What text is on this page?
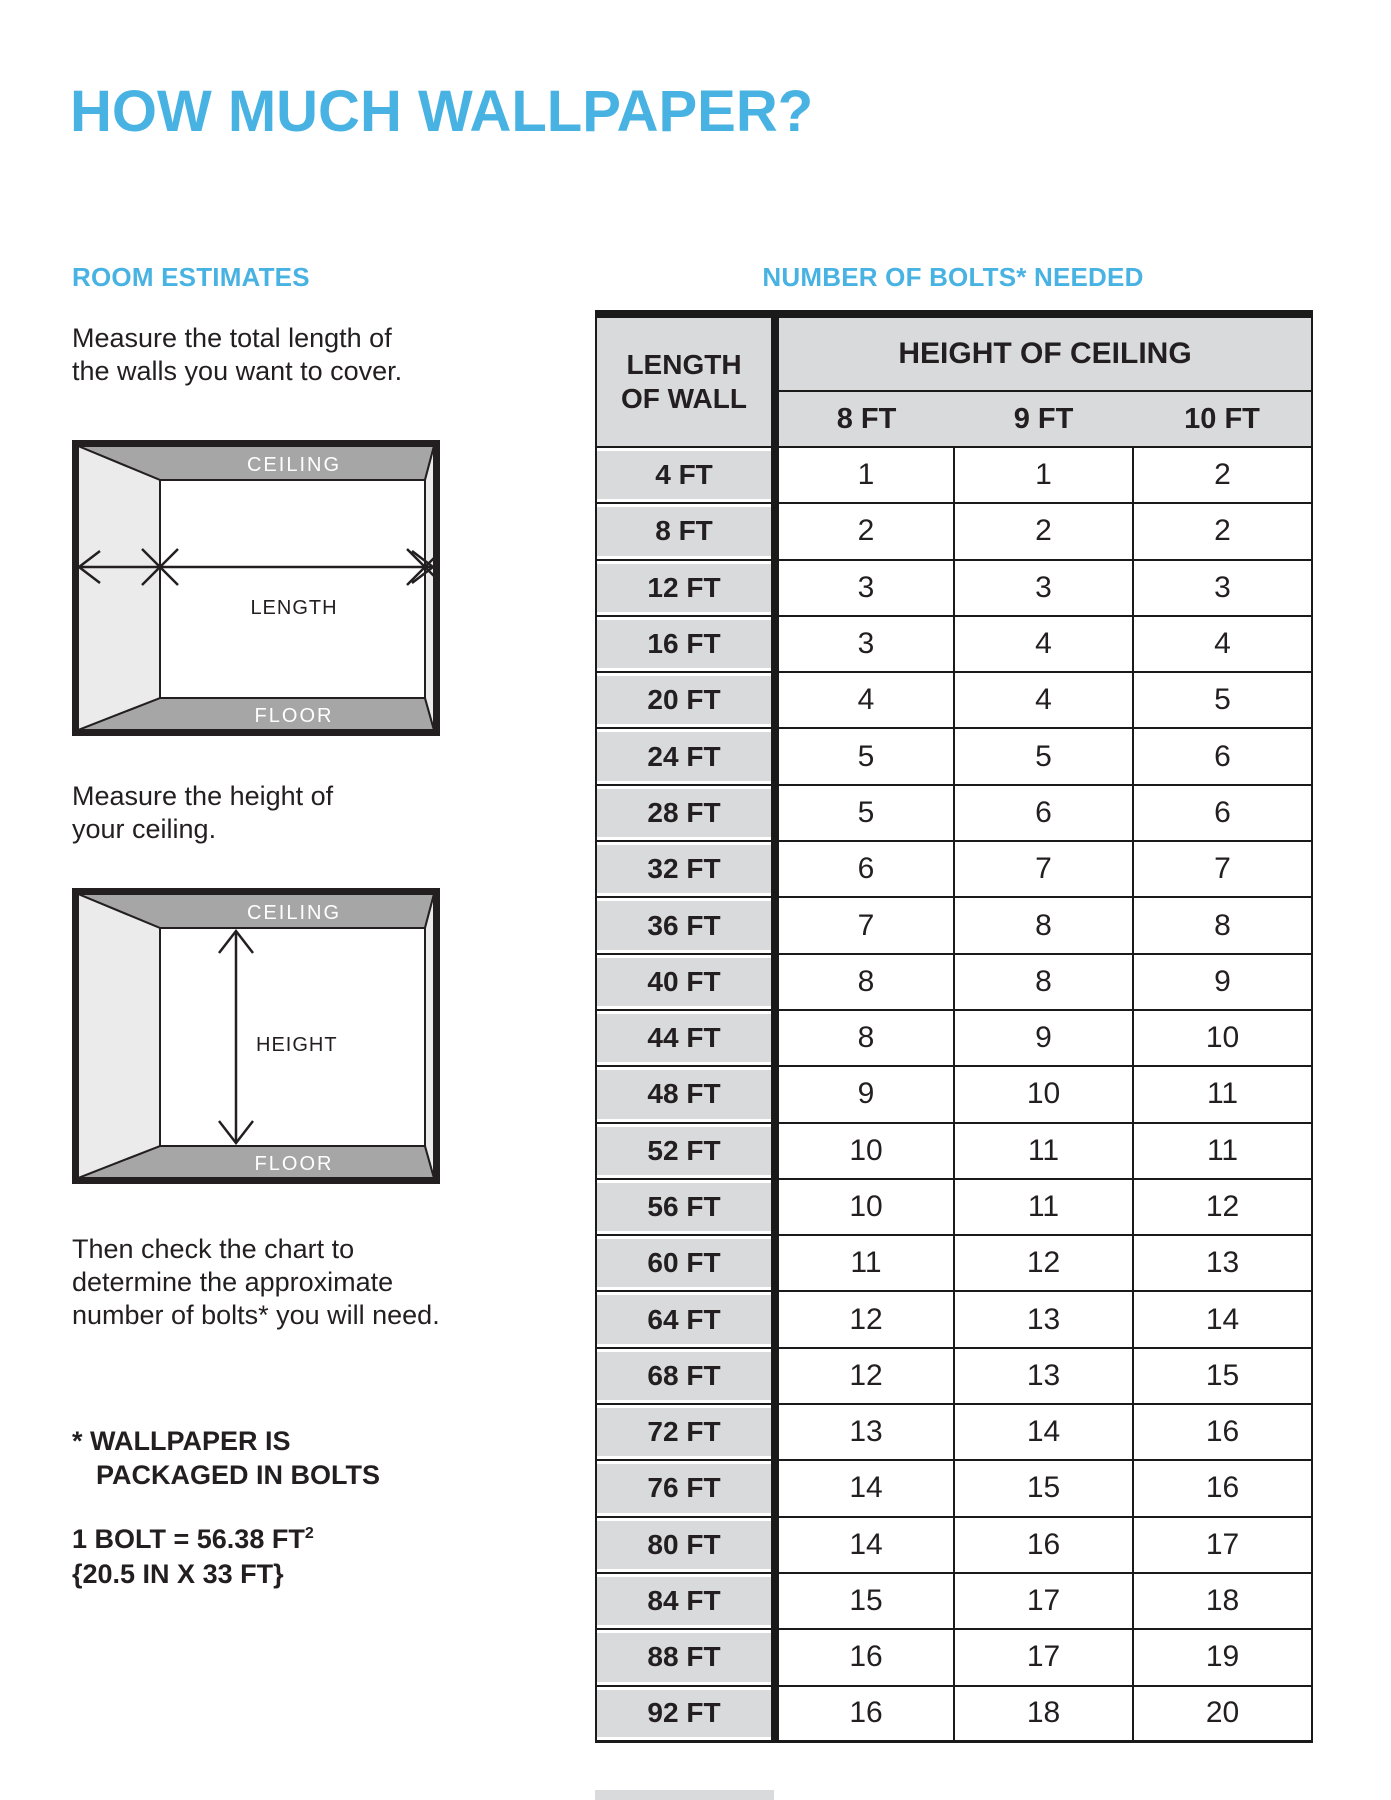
HOW MUCH WALLPAPER?
ROOM ESTIMATES	NUMBER OF BOLTS* NEEDED
Measure the total length of
the walls you want to cover.
CEILING
FLOOR
LENGTH
Measure the height of
your ceiling.
CEILING
FLOOR
HEIGHT
Then check the chart to
determine the approximate
number of bolts* you will need.
* WALLPAPER IS
PACKAGED IN BOLTS
1 BOLT = 56.38 $FT^2$
{20.5 IN X 33 FT}
LENGTH
OF WALL	HEIGHT OF CEILING		
	8 FT	9 FT	10 FT
4 FT	1	1	2
8 FT	2	2	2
12 FT	3	3	3
16 FT	3	4	4
20 FT	4	4	5
24 FT	5	5	6
28 FT	5	6	6
32 FT	6	7	7
36 FT	7	8	8
40 FT	8	8	9
44 FT	8	9	10
48 FT	9	10	11
52 FT	10	11	11
56 FT	10	11	12
60 FT	11	12	13
64 FT	12	13	14
68 FT	12	13	15
72 FT	13	14	16
76 FT	14	15	16
80 FT	14	16	17
84 FT	15	17	18
88 FT	16	17	19
92 FT	16	18	20
